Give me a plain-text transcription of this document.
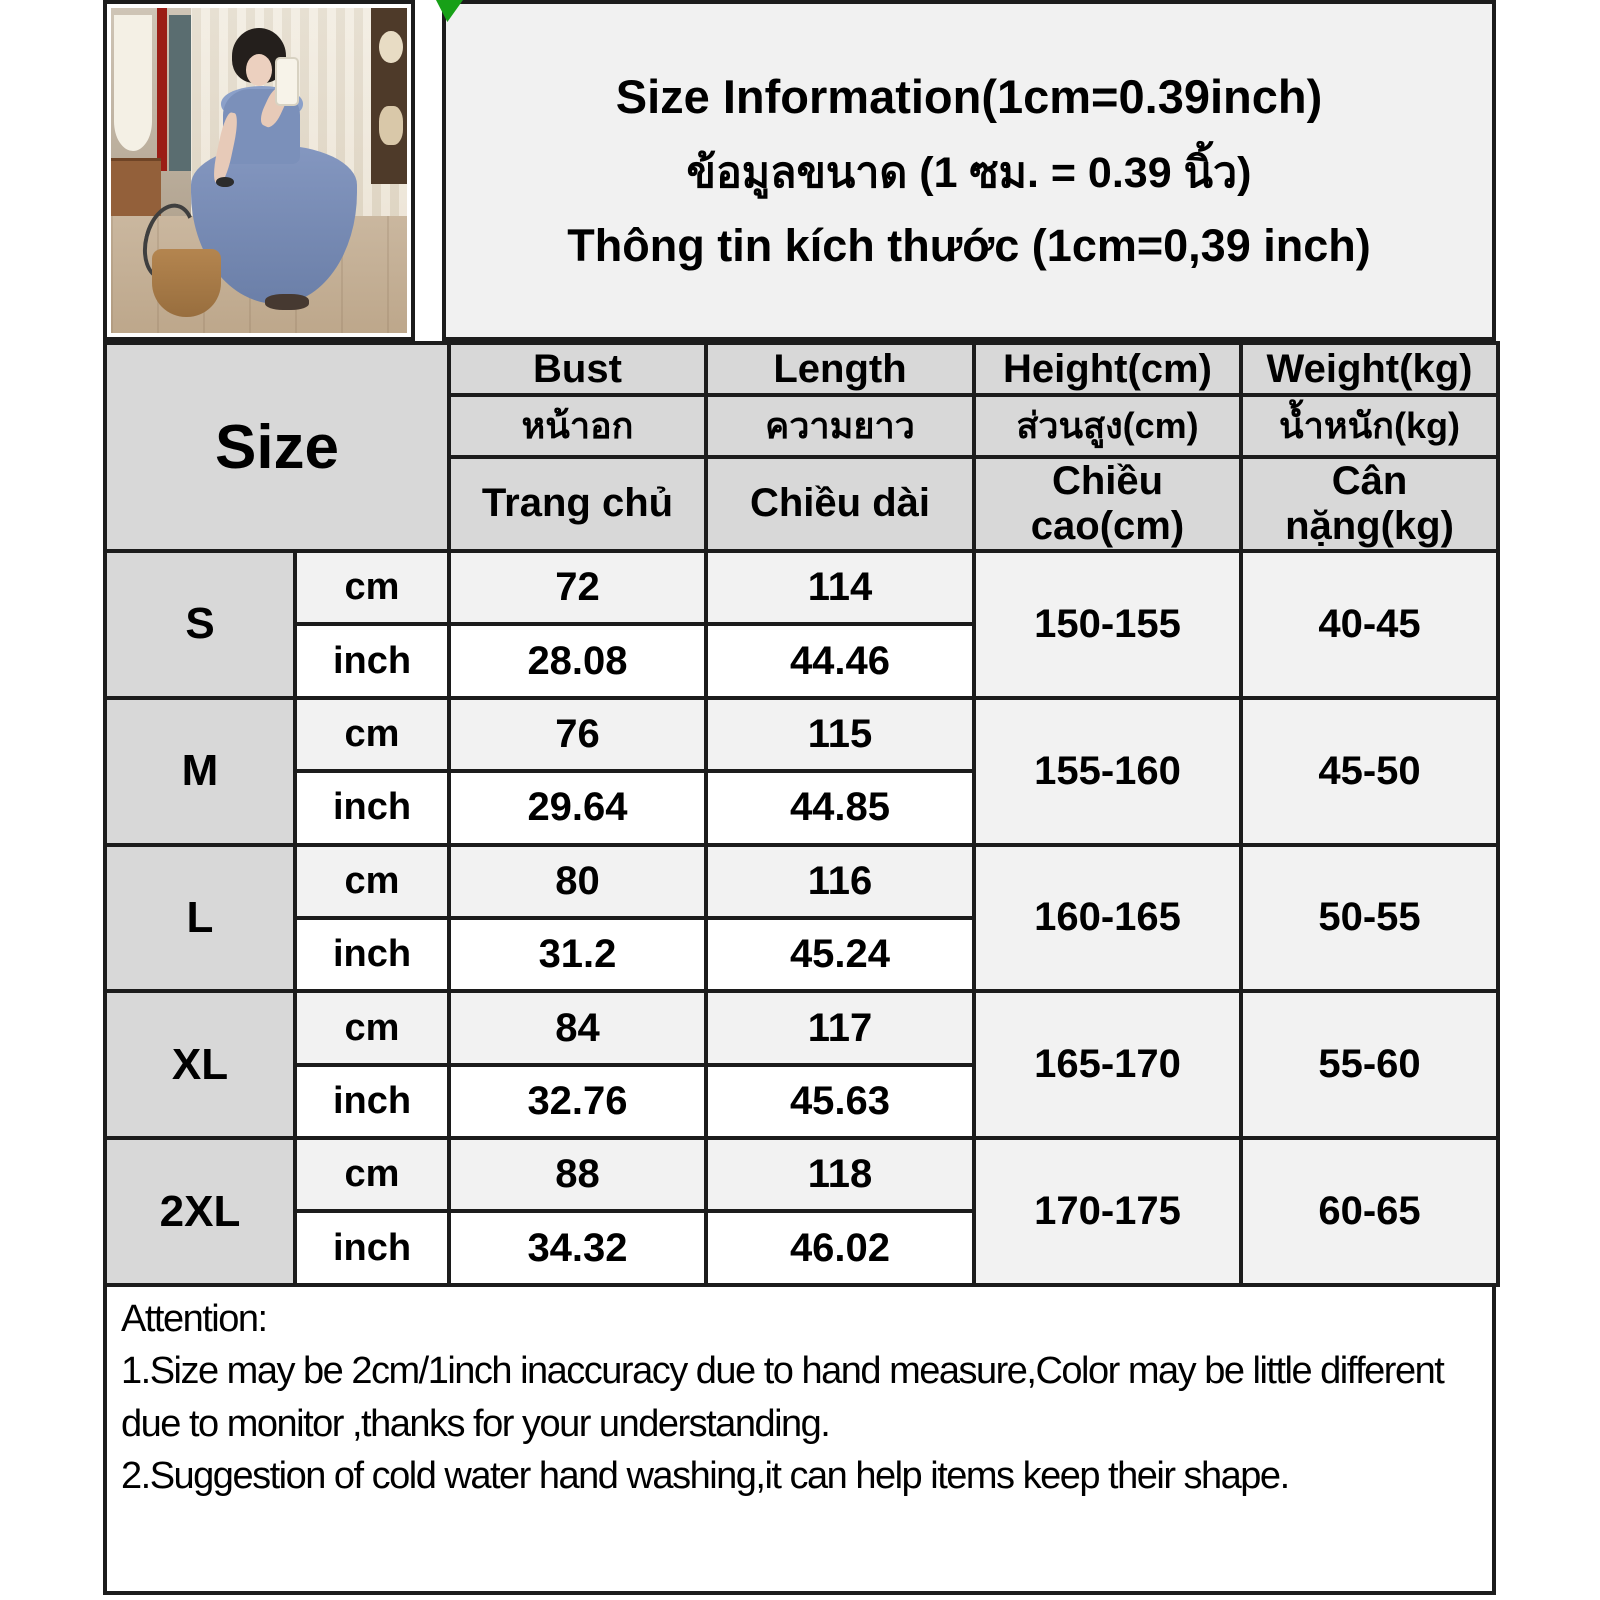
Size Information(1cm=0.39inch)
ข้อมูลขนาด (1 ซม. = 0.39 นิ้ว)
Thông tin kích thước (1cm=0,39 inch)
Size		Bust	Length	Height(cm)	Weight(kg)
		หน้าอก	ความยาว	ส่วนสูง(cm)	น้ำหนัก(kg)
		Trang chủ	Chiều dài	Chiều cao(cm)	Cân nặng(kg)
S	cm	72	114	150-155	40-45
	inch	28.08	44.46		
M	cm	76	115	155-160	45-50
	inch	29.64	44.85		
L	cm	80	116	160-165	50-55
	inch	31.2	45.24		
XL	cm	84	117	165-170	55-60
	inch	32.76	45.63		
2XL	cm	88	118	170-175	60-65
	inch	34.32	46.02		

Attention:

1.Size may be 2cm/1inch inaccuracy due to hand measure,Color may be little different due to monitor ,thanks for your understanding.

2.Suggestion of cold water hand washing,it can help items keep their shape.
